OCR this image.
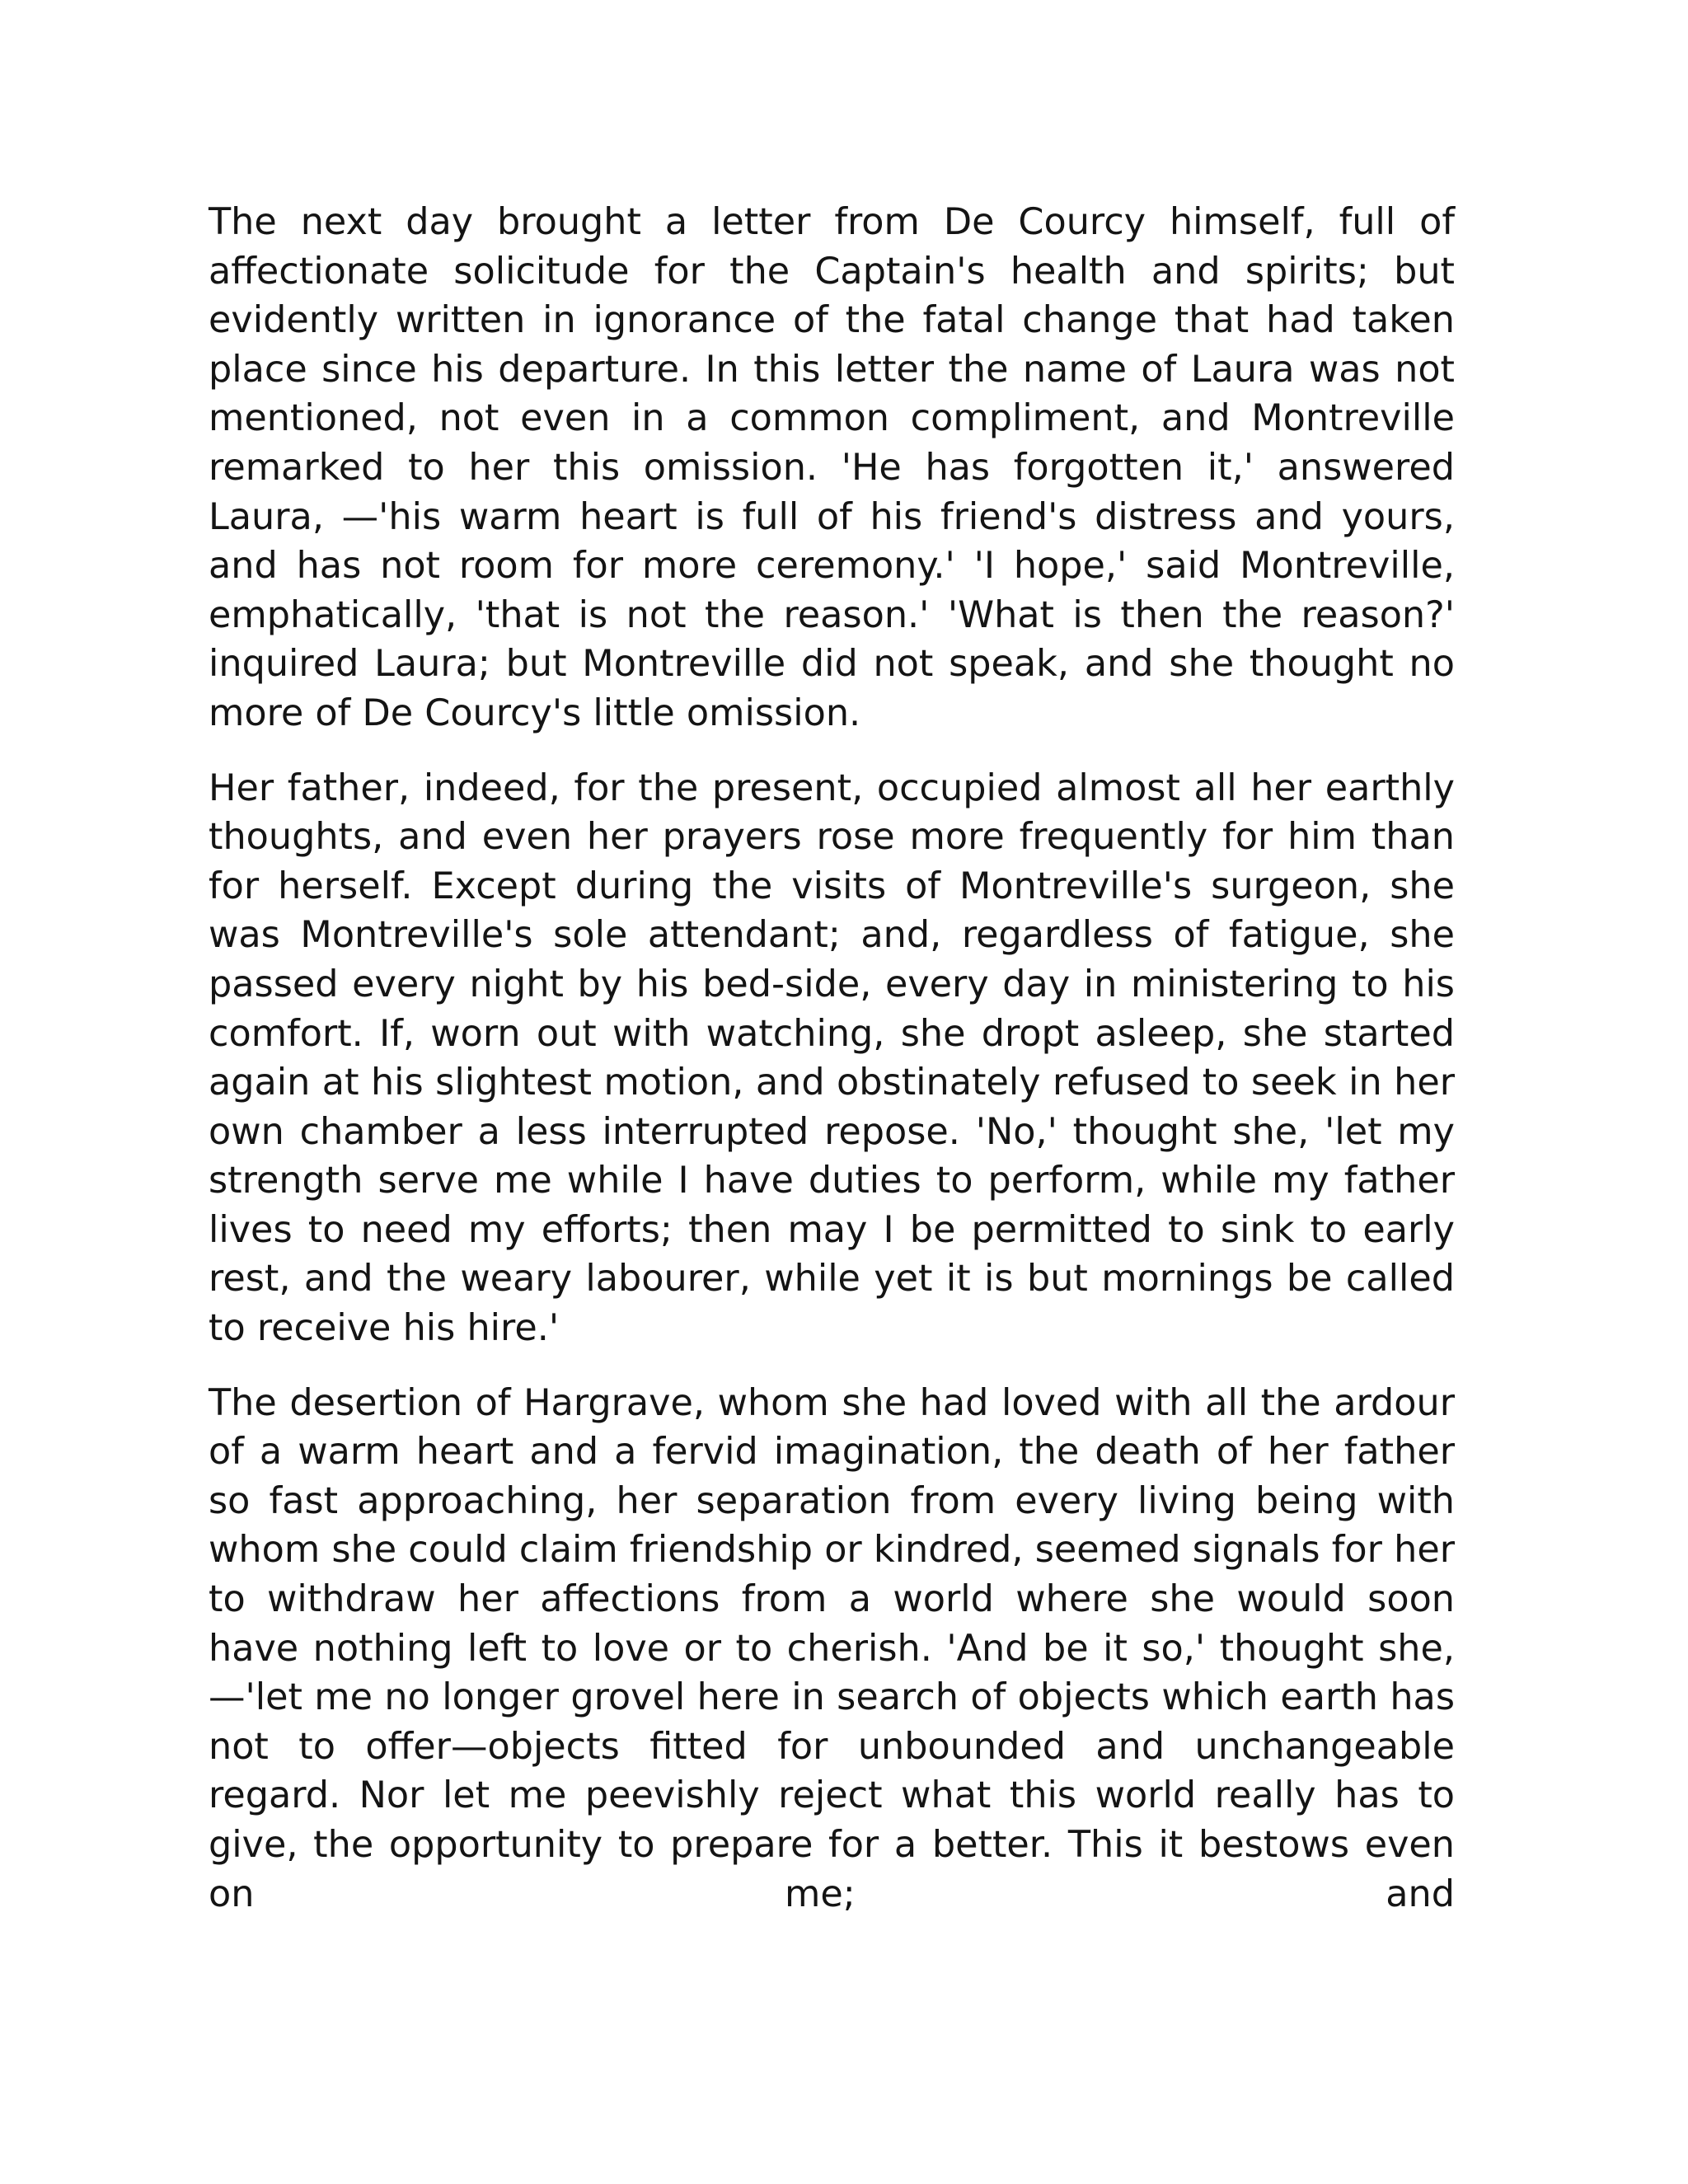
The next day brought a letter from De Courcy himself, full of affectionate solicitude for the Captain's health and spirits; but evidently written in ignorance of the fatal change that had taken place since his departure. In this letter the name of Laura was not mentioned, not even in a common compliment, and Montreville remarked to her this omission. 'He has forgotten it,' answered Laura, —'his warm heart is full of his friend's distress and yours, and has not room for more ceremony.' 'I hope,' said Montreville, emphatically, 'that is not the reason.' 'What is then the reason?' inquired Laura; but Montreville did not speak, and she thought no more of De Courcy's little omission.

Her father, indeed, for the present, occupied almost all her earthly thoughts, and even her prayers rose more frequently for him than for herself. Except during the visits of Montreville's surgeon, she was Montreville's sole attendant; and, regardless of fatigue, she passed every night by his bed-side, every day in ministering to his comfort. If, worn out with watching, she dropt asleep, she started again at his slightest motion, and obstinately refused to seek in her own chamber a less interrupted repose. 'No,' thought she, 'let my strength serve me while I have duties to perform, while my father lives to need my efforts; then may I be permitted to sink to early rest, and the weary labourer, while yet it is but mornings be called to receive his hire.'

The desertion of Hargrave, whom she had loved with all the ardour of a warm heart and a fervid imagination, the death of her father so fast approaching, her separation from every living being with whom she could claim friendship or kindred, seemed signals for her to withdraw her affections from a world where she would soon have nothing left to love or to cherish. 'And be it so,' thought she,—'let me no longer grovel here in search of objects which earth has not to offer—objects fitted for unbounded and unchangeable regard. Nor let me peevishly reject what this world really has to give, the opportunity to prepare for a better. This it bestows even on me; and
